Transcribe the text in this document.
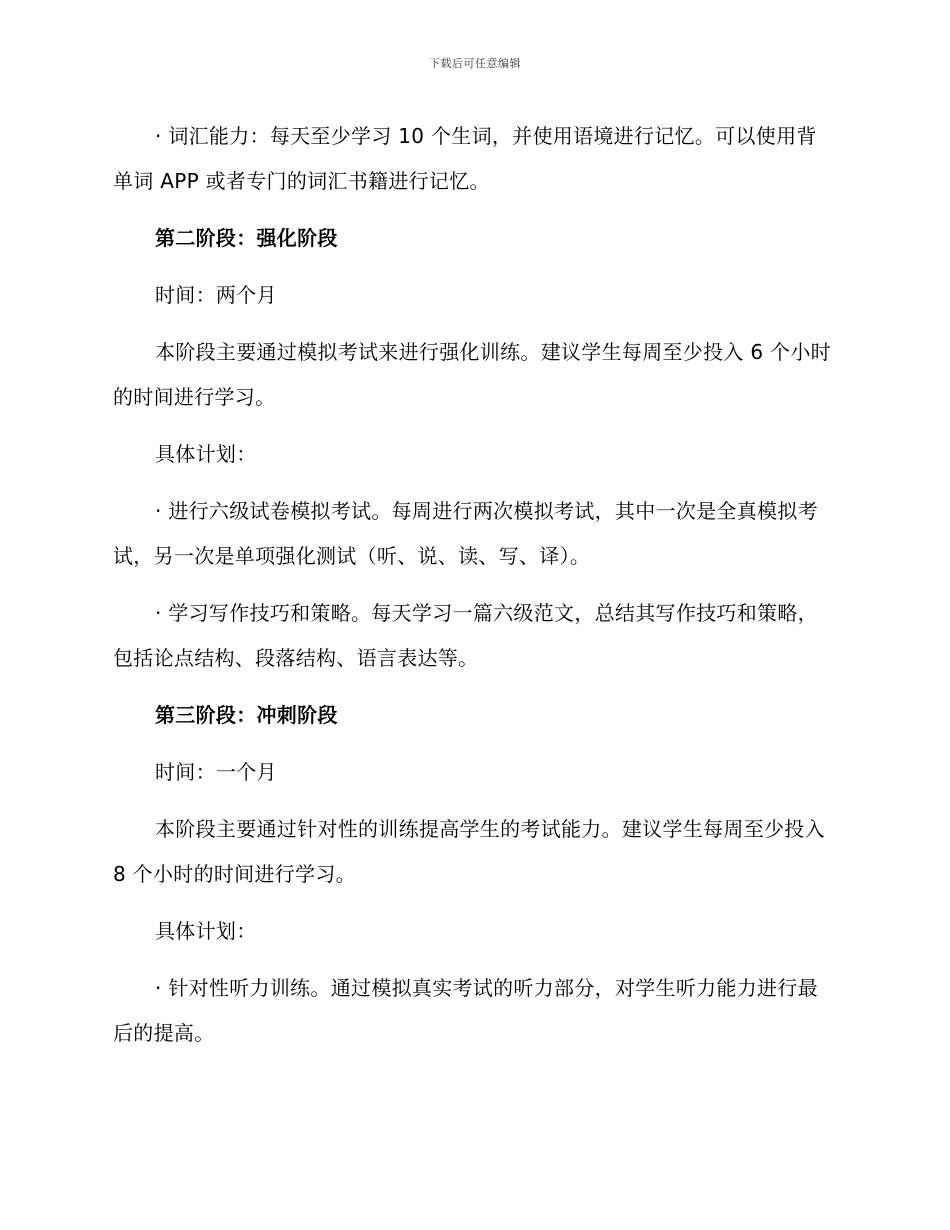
下载后可任意编辑

· 词汇能力：每天至少学习 10 个生词，并使用语境进行记忆。可以使用背单词 APP 或者专门的词汇书籍进行记忆。

第二阶段：强化阶段

时间：两个月

本阶段主要通过模拟考试来进行强化训练。建议学生每周至少投入 6 个小时的时间进行学习。

具体计划：

· 进行六级试卷模拟考试。每周进行两次模拟考试，其中一次是全真模拟考试，另一次是单项强化测试（听、说、读、写、译）。

· 学习写作技巧和策略。每天学习一篇六级范文，总结其写作技巧和策略，包括论点结构、段落结构、语言表达等。

第三阶段：冲刺阶段

时间：一个月

本阶段主要通过针对性的训练提高学生的考试能力。建议学生每周至少投入 8 个小时的时间进行学习。

具体计划：

· 针对性听力训练。通过模拟真实考试的听力部分，对学生听力能力进行最后的提高。
